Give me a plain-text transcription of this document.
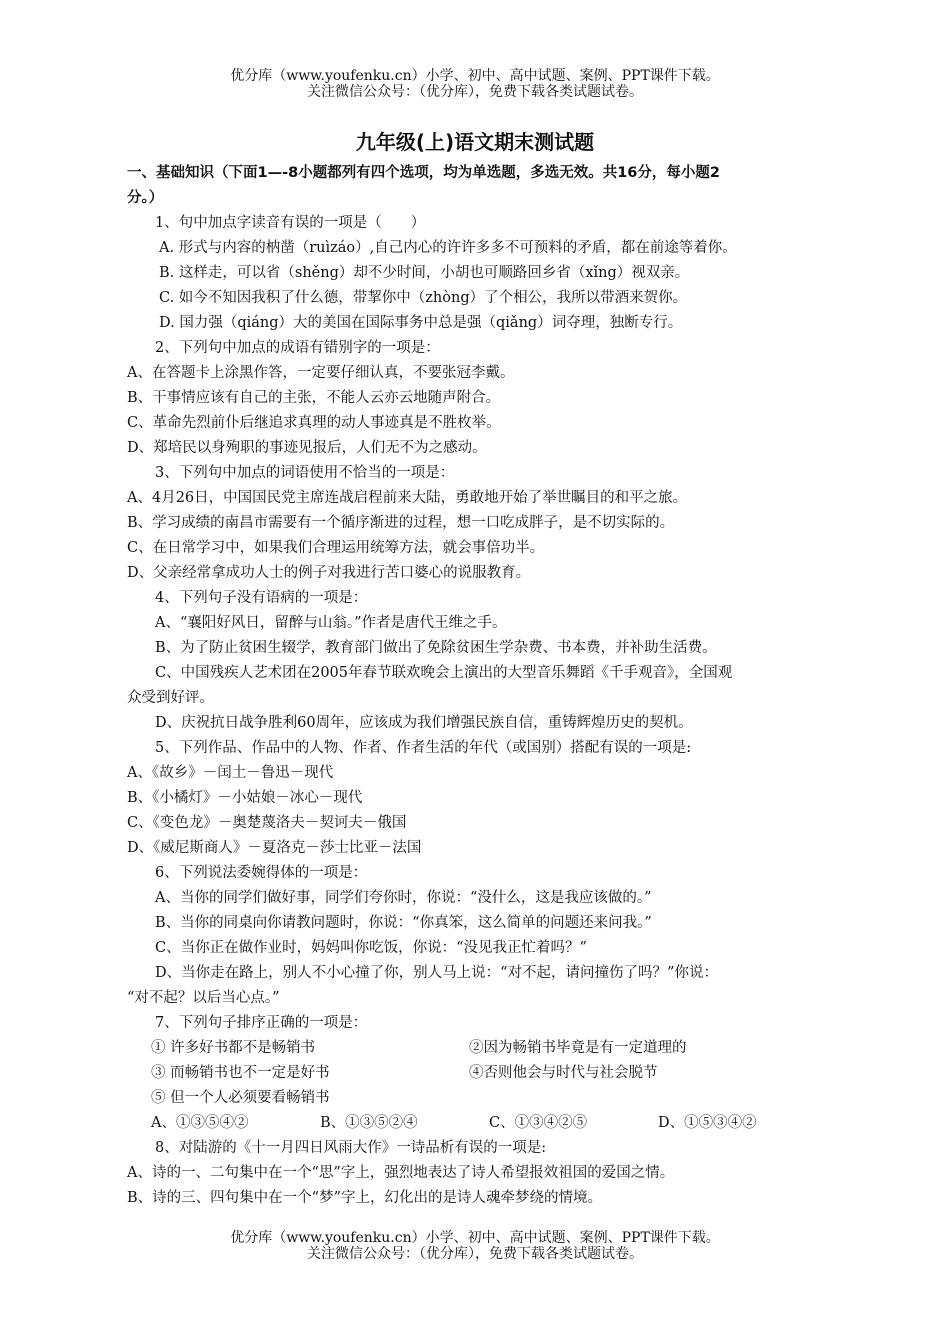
优分库（www.youfenku.cn）小学、初中、高中试题、案例、PPT课件下载。
关注微信公众号：（优分库），免费下载各类试题试卷。
九年级(上)语文期末测试题
一、基础知识（下面1—-8小题都列有四个选项，均为单选题，多选无效。共16分，每小题2
分。）
1、句中加点字读音有误的一项是（　　）
A. 形式与内容的枘凿（ruìzáo）,自己内心的许许多多不可预料的矛盾，都在前途等着你。
B. 这样走，可以省（shěng）却不少时间，小胡也可顺路回乡省（xǐng）视双亲。
C. 如今不知因我积了什么德，带挈你中（zhòng）了个相公，我所以带酒来贺你。
D. 国力强（qiáng）大的美国在国际事务中总是强（qiǎng）词夺理，独断专行。
2、下列句中加点的成语有错别字的一项是：
A、在答题卡上涂黑作答，一定要仔细认真，不要张冠李戴。
B、干事情应该有自己的主张，不能人云亦云地随声附合。
C、革命先烈前仆后继追求真理的动人事迹真是不胜枚举。
D、郑培民以身殉职的事迹见报后，人们无不为之感动。
3、下列句中加点的词语使用不恰当的一项是：
A、4月26日，中国国民党主席连战启程前来大陆，勇敢地开始了举世瞩目的和平之旅。
B、学习成绩的南昌市需要有一个循序渐进的过程，想一口吃成胖子，是不切实际的。
C、在日常学习中，如果我们合理运用统筹方法，就会事倍功半。
D、父亲经常拿成功人士的例子对我进行苦口婆心的说服教育。
4、下列句子没有语病的一项是：
A、“襄阳好风日，留醉与山翁。”作者是唐代王维之手。
B、为了防止贫困生辍学，教育部门做出了免除贫困生学杂费、书本费，并补助生活费。
C、中国残疾人艺术团在2005年春节联欢晚会上演出的大型音乐舞蹈《千手观音》，全国观
众受到好评。
D、庆祝抗日战争胜利60周年，应该成为我们增强民族自信，重铸辉煌历史的契机。
5、下列作品、作品中的人物、作者、作者生活的年代（或国别）搭配有误的一项是:
A、《故乡》－闰土－鲁迅－现代
B、《小橘灯》－小姑娘－冰心－现代
C、《变色龙》－奥楚蔑洛夫－契诃夫－俄国
D、《威尼斯商人》－夏洛克－莎士比亚－法国
6、下列说法委婉得体的一项是：
A、当你的同学们做好事，同学们夸你时，你说：“没什么，这是我应该做的。”
B、当你的同桌向你请教问题时，你说：“你真笨，这么简单的问题还来问我。”
C、当你正在做作业时，妈妈叫你吃饭，你说：“没见我正忙着吗？”
D、当你走在路上，别人不小心撞了你，别人马上说：“对不起，请问撞伤了吗？”你说：
“对不起？以后当心点。”
7、下列句子排序正确的一项是：
① 许多好书都不是畅销书	②因为畅销书毕竟是有一定道理的
③ 而畅销书也不一定是好书	④否则他会与时代与社会脱节
⑤ 但一个人必须要看畅销书
A、①③⑤④②	B、①③⑤②④	C、①③④②⑤	D、①⑤③④②
8、对陆游的《十一月四日风雨大作》一诗品析有误的一项是:
A、诗的一、二句集中在一个“思”字上，强烈地表达了诗人希望报效祖国的爱国之情。
B、诗的三、四句集中在一个“梦”字上，幻化出的是诗人魂牵梦绕的情境。
优分库（www.youfenku.cn）小学、初中、高中试题、案例、PPT课件下载。
关注微信公众号：（优分库），免费下载各类试题试卷。
